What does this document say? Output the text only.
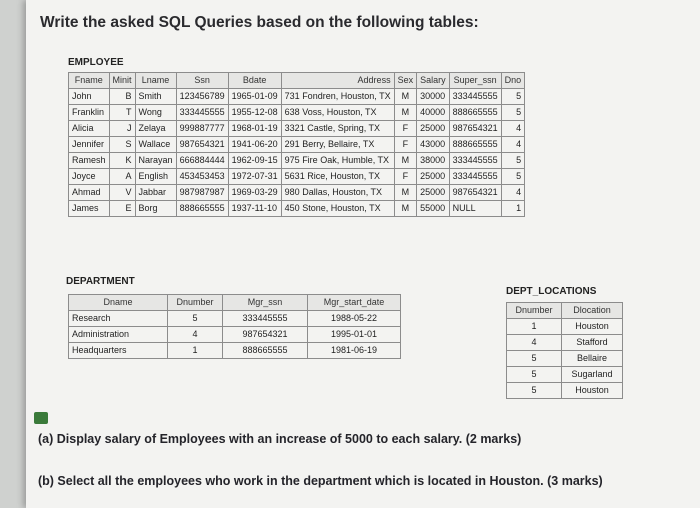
Write the asked SQL Queries based on the following tables:
EMPLOYEE
Fname	Minit	Lname	Ssn	Bdate	Address	Sex	Salary	Super_ssn	Dno
John	B	Smith	123456789	1965-01-09	731 Fondren, Houston, TX	M	30000	333445555	5
Franklin	T	Wong	333445555	1955-12-08	638 Voss, Houston, TX	M	40000	888665555	5
Alicia	J	Zelaya	999887777	1968-01-19	3321 Castle, Spring, TX	F	25000	987654321	4
Jennifer	S	Wallace	987654321	1941-06-20	291 Berry, Bellaire, TX	F	43000	888665555	4
Ramesh	K	Narayan	666884444	1962-09-15	975 Fire Oak, Humble, TX	M	38000	333445555	5
Joyce	A	English	453453453	1972-07-31	5631 Rice, Houston, TX	F	25000	333445555	5
Ahmad	V	Jabbar	987987987	1969-03-29	980 Dallas, Houston, TX	M	25000	987654321	4
James	E	Borg	888665555	1937-11-10	450 Stone, Houston, TX	M	55000	NULL	1
DEPARTMENT
Dname	Dnumber	Mgr_ssn	Mgr_start_date
Research	5	333445555	1988-05-22
Administration	4	987654321	1995-01-01
Headquarters	1	888665555	1981-06-19
DEPT_LOCATIONS
Dnumber	Dlocation
1	Houston
4	Stafford
5	Bellaire
5	Sugarland
5	Houston
(a) Display salary of Employees with an increase of 5000 to each salary. (2 marks)
(b) Select all the employees who work in the department which is located in Houston. (3 marks)
